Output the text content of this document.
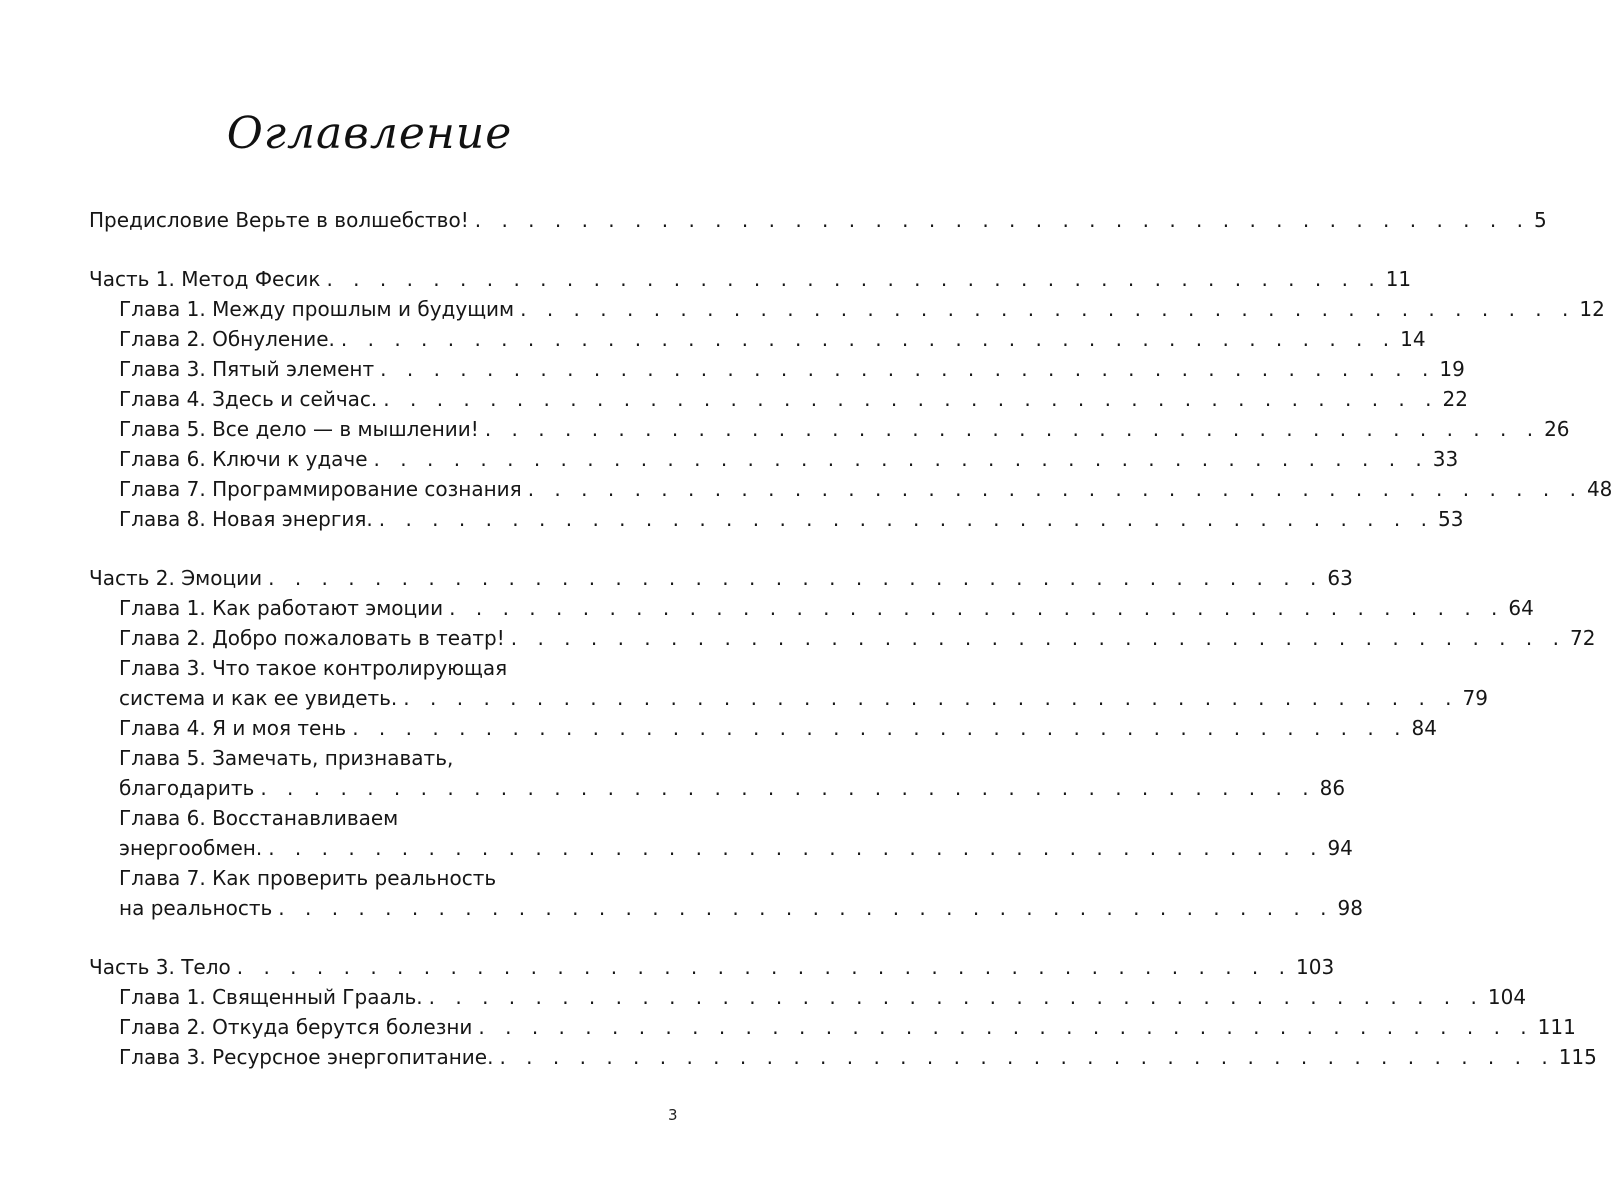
Оглавление
Предисловие Верьте в волшебство! . . . . . . . . . . . . . . . . . . . . . . . . . . . . . . . . . . . . . . . . 5
Часть 1. Метод Фесик . . . . . . . . . . . . . . . . . . . . . . . . . . . . . . . . . . . . . . . . 11
Глава 1. Между прошлым и будущим . . . . . . . . . . . . . . . . . . . . . . . . . . . . . . . . . . . . . . . . 12
Глава 2. Обнуление. . . . . . . . . . . . . . . . . . . . . . . . . . . . . . . . . . . . . . . . . 14
Глава 3. Пятый элемент . . . . . . . . . . . . . . . . . . . . . . . . . . . . . . . . . . . . . . . . 19
Глава 4. Здесь и сейчас. . . . . . . . . . . . . . . . . . . . . . . . . . . . . . . . . . . . . . . . . 22
Глава 5. Все дело — в мышлении! . . . . . . . . . . . . . . . . . . . . . . . . . . . . . . . . . . . . . . . . 26
Глава 6. Ключи к удаче . . . . . . . . . . . . . . . . . . . . . . . . . . . . . . . . . . . . . . . . 33
Глава 7. Программирование сознания . . . . . . . . . . . . . . . . . . . . . . . . . . . . . . . . . . . . . . . . 48
Глава 8. Новая энергия. . . . . . . . . . . . . . . . . . . . . . . . . . . . . . . . . . . . . . . . . 53
Часть 2. Эмоции . . . . . . . . . . . . . . . . . . . . . . . . . . . . . . . . . . . . . . . . 63
Глава 1. Как работают эмоции . . . . . . . . . . . . . . . . . . . . . . . . . . . . . . . . . . . . . . . . 64
Глава 2. Добро пожаловать в театр! . . . . . . . . . . . . . . . . . . . . . . . . . . . . . . . . . . . . . . . . 72
Глава 3. Что такое контролирующая
система и как ее увидеть. . . . . . . . . . . . . . . . . . . . . . . . . . . . . . . . . . . . . . . . . 79
Глава 4. Я и моя тень . . . . . . . . . . . . . . . . . . . . . . . . . . . . . . . . . . . . . . . . 84
Глава 5. Замечать, признавать,
благодарить . . . . . . . . . . . . . . . . . . . . . . . . . . . . . . . . . . . . . . . . 86
Глава 6. Восстанавливаем
энергообмен. . . . . . . . . . . . . . . . . . . . . . . . . . . . . . . . . . . . . . . . . 94
Глава 7. Как проверить реальность
на реальность . . . . . . . . . . . . . . . . . . . . . . . . . . . . . . . . . . . . . . . . 98
Часть 3. Тело . . . . . . . . . . . . . . . . . . . . . . . . . . . . . . . . . . . . . . . . 103
Глава 1. Священный Грааль. . . . . . . . . . . . . . . . . . . . . . . . . . . . . . . . . . . . . . . . . 104
Глава 2. Откуда берутся болезни . . . . . . . . . . . . . . . . . . . . . . . . . . . . . . . . . . . . . . . . 111
Глава 3. Ресурсное энергопитание. . . . . . . . . . . . . . . . . . . . . . . . . . . . . . . . . . . . . . . . . 115
3
